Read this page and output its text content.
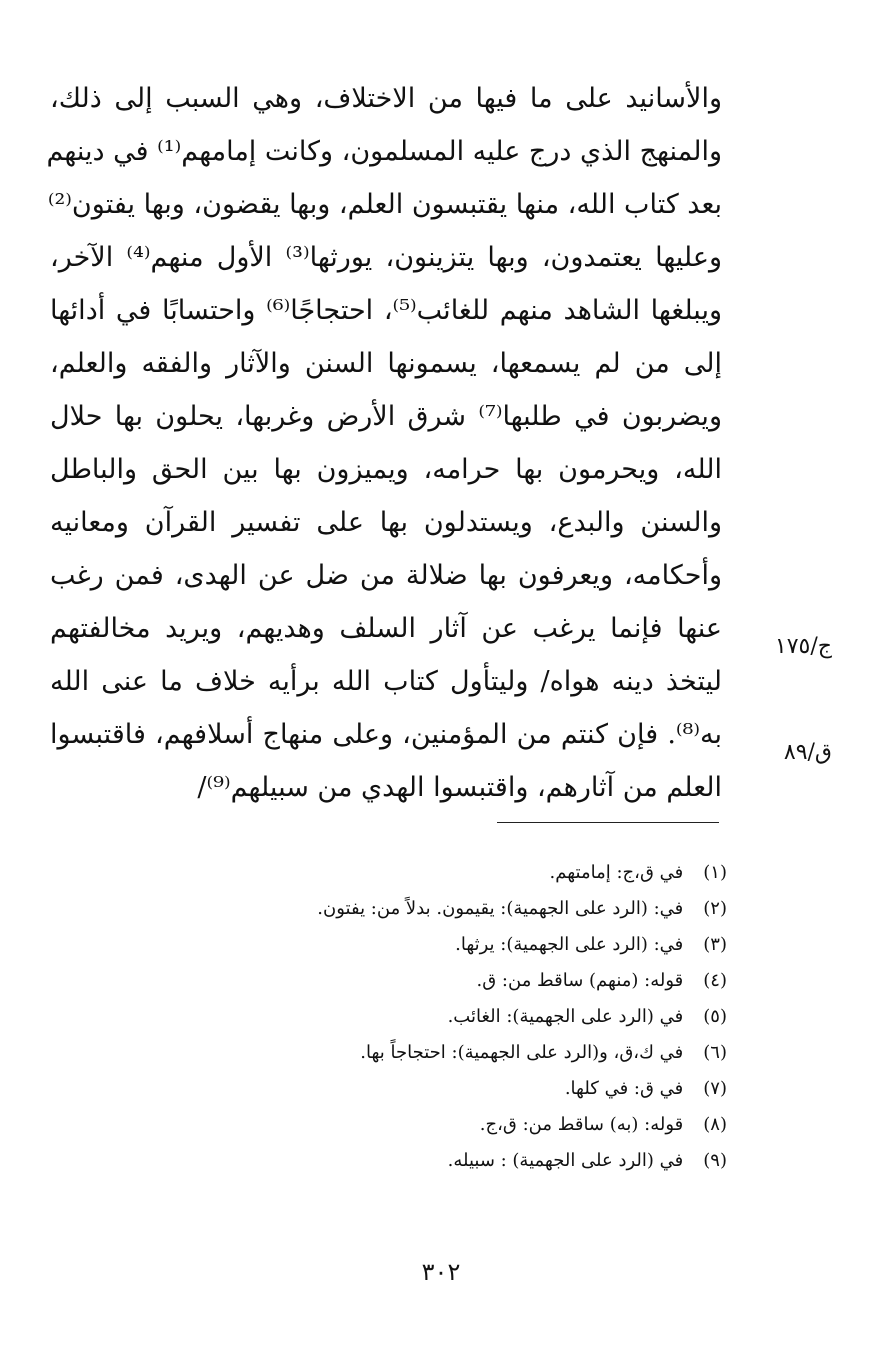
والأسانيد على ما فيها من الاختلاف، وهي السبب إلى ذلك،
والمنهج الذي درج عليه المسلمون، وكانت إمامهم⁽¹⁾ في دينهم
بعد كتاب الله، منها يقتبسون العلم، وبها يقضون، وبها يفتون⁽²⁾
وعليها يعتمدون، وبها يتزينون، يورثها⁽³⁾ الأول منهم⁽⁴⁾ الآخر،
ويبلغها الشاهد منهم للغائب⁽⁵⁾، احتجاجًا⁽⁶⁾ واحتسابًا في أدائها
إلى من لم يسمعها، يسمونها السنن والآثار والفقه والعلم،
ويضربون في طلبها⁽⁷⁾ شرق الأرض وغربها، يحلون بها حلال
الله، ويحرمون بها حرامه، ويميزون بها بين الحق والباطل
والسنن والبدع، ويستدلون بها على تفسير القرآن ومعانيه
وأحكامه، ويعرفون بها ضلالة من ضل عن الهدى، فمن رغب
عنها فإنما يرغب عن آثار السلف وهديهم، ويريد مخالفتهم
ليتخذ دينه هواه/ وليتأول كتاب الله برأيه خلاف ما عنى الله
به⁽⁸⁾. فإن كنتم من المؤمنين، وعلى منهاج أسلافهم، فاقتبسوا
العلم من آثارهم، واقتبسوا الهدي من سبيلهم⁽⁹⁾/
ج/١٧٥
ق/٨٩
(١) في ق،ج: إمامتهم.
(٢) في: (الرد على الجهمية): يقيمون. بدلاً من: يفتون.
(٣) في: (الرد على الجهمية): يرثها.
(٤) قوله: (منهم) ساقط من: ق.
(٥) في (الرد على الجهمية): الغائب.
(٦) في ك،ق، و(الرد على الجهمية): احتجاجاً بها.
(٧) في ق: في كلها.
(٨) قوله: (به) ساقط من: ق،ج.
(٩) في (الرد على الجهمية) : سبيله.
٣٠٢
